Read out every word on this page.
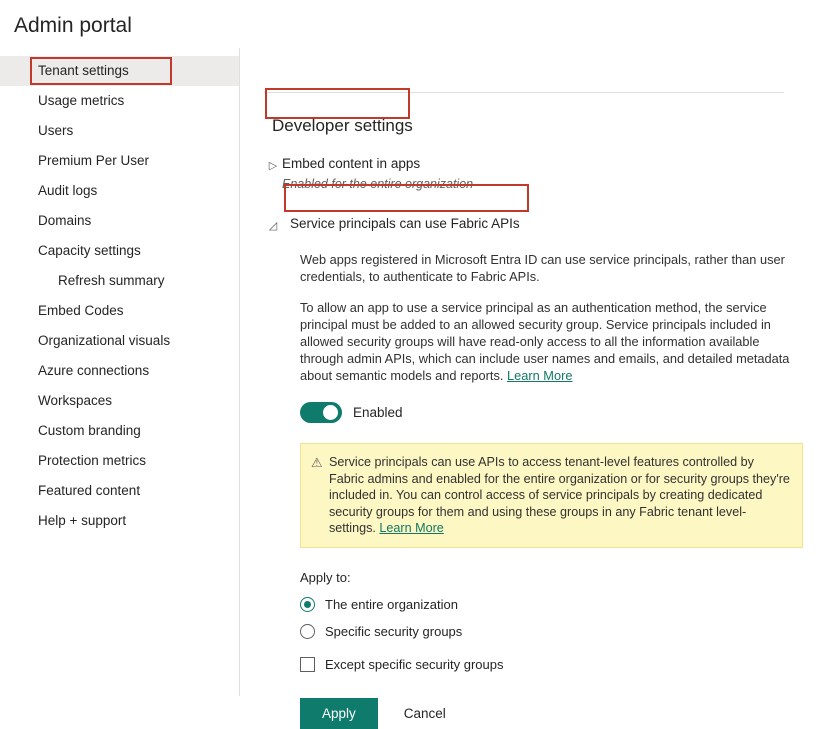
Admin portal
Tenant settings
Usage metrics
Users
Premium Per User
Audit logs
Domains
Capacity settings
Refresh summary
Embed Codes
Organizational visuals
Azure connections
Workspaces
Custom branding
Protection metrics
Featured content
Help + support
Developer settings
▷ Embed content in apps
Enabled for the entire organization
◿ Service principals can use Fabric APIs

Web apps registered in Microsoft Entra ID can use service principals, rather than user credentials, to authenticate to Fabric APIs.

To allow an app to use a service principal as an authentication method, the service principal must be added to an allowed security group. Service principals included in allowed security groups will have read-only access to all the information available through admin APIs, which can include user names and emails, and detailed metadata about semantic models and reports. Learn More

Enabled
⚠ Service principals can use APIs to access tenant-level features controlled by Fabric admins and enabled for the entire organization or for security groups they're included in. You can control access of service principals by creating dedicated security groups for them and using these groups in any Fabric tenant level-settings. Learn More
Apply to:
The entire organization
Specific security groups
Except specific security groups
Apply	Cancel
